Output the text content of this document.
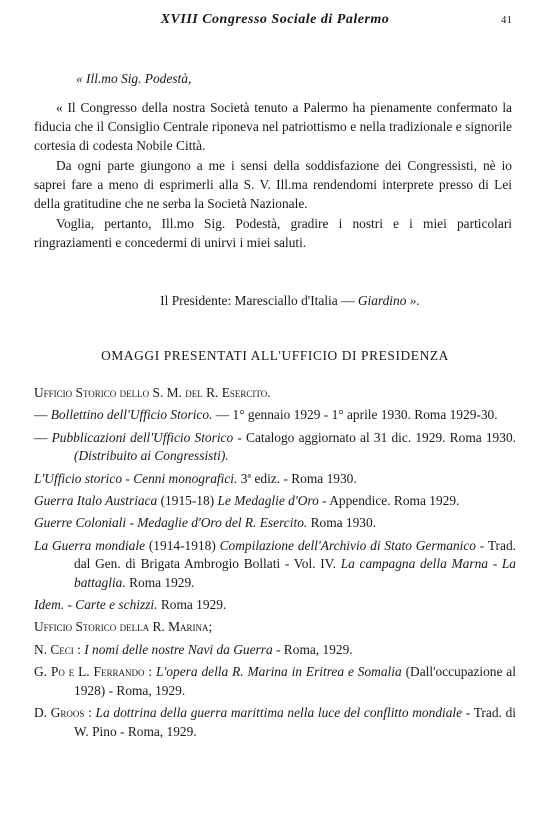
XVIII Congresso Sociale di Palermo	41
« Ill.mo Sig. Podestà,

« Il Congresso della nostra Società tenuto a Palermo ha pienamente confermato la fiducia che il Consiglio Centrale riponeva nel patriottismo e nella tradizionale e signorile cortesia di codesta Nobile Città.

Da ogni parte giungono a me i sensi della soddisfazione dei Congressisti, nè io saprei fare a meno di esprimerli alla S. V. Ill.ma rendendomi interprete presso di Lei della gratitudine che ne serba la Società Nazionale.

Voglia, pertanto, Ill.mo Sig. Podestà, gradire i nostri e i miei particolari ringraziamenti e concedermi di unirvi i miei saluti.

Il Presidente: Maresciallo d'Italia — Giardino ».
OMAGGI PRESENTATI ALL'UFFICIO DI PRESIDENZA
Ufficio Storico dello S. M. del R. Esercito.
— Bollettino dell'Ufficio Storico. — 1° gennaio 1929 - 1° aprile 1930. Roma 1929-30.
— Pubblicazioni dell'Ufficio Storico - Catalogo aggiornato al 31 dic. 1929. Roma 1930. (Distribuito ai Congressisti).
L'Ufficio storico - Cenni monografici. 3ª ediz. - Roma 1930.
Guerra Italo Austriaca (1915-18) Le Medaglie d'Oro - Appendice. Roma 1929.
Guerre Coloniali - Medaglie d'Oro del R. Esercito. Roma 1930.
La Guerra mondiale (1914-1918) Compilazione dell'Archivio di Stato Germanico - Trad. dal Gen. di Brigata Ambrogio Bollati - Vol. IV. La campagna della Marna - La battaglia. Roma 1929.
Idem. - Carte e schizzi. Roma 1929.
Ufficio Storico della R. Marina;
N. Ceci : I nomi delle nostre Navi da Guerra - Roma, 1929.
G. Po e L. Ferrando : L'opera della R. Marina in Eritrea e Somalia (Dall'occupazione al 1928) - Roma, 1929.
D. Groos : La dottrina della guerra marittima nella luce del conflitto mondiale - Trad. di W. Pino - Roma, 1929.
